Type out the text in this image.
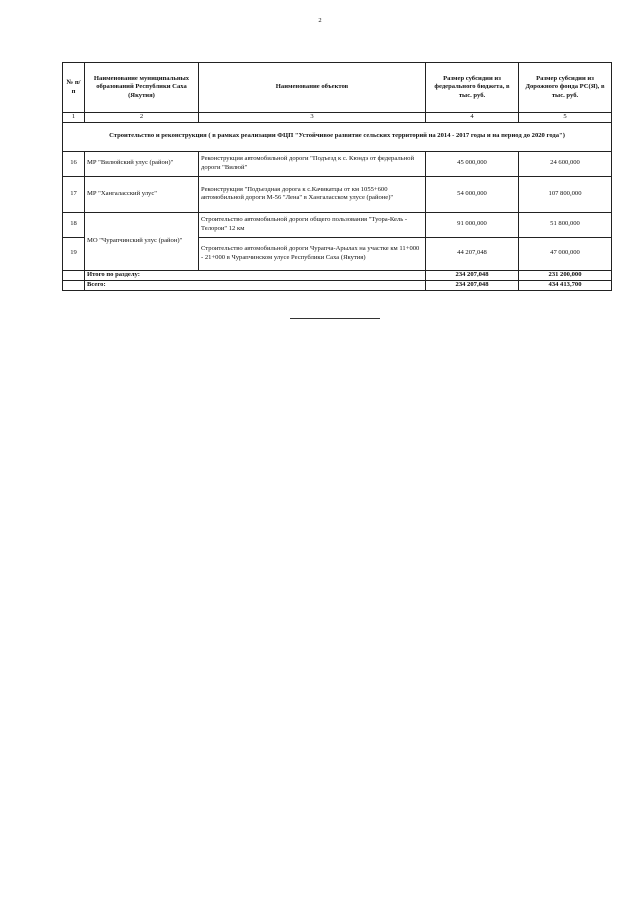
2
№ п/п	Наименование муниципальных образований Республики Саха (Якутия)	Наименование объектов	Размер субсидии из федерального бюджета, в тыс. руб.	Размер субсидии из Дорожного фонда РС(Я), в тыс. руб.
1	2	3	4	5
Строительство и реконструкция ( в рамках реализации ФЦП "Устойчивое развитие сельских территорий на 2014 - 2017 годы и на период до 2020 года")				
16	МР "Вилюйский улус (район)"	Реконструкция автомобильной дороги "Подъезд к с. Кюндэ от федеральной дороги "Вилюй"	45 000,000	24 600,000
17	МР "Хангаласский улус"	Реконструкция "Подъездная дорога к с.Качикатцы от км 1055+600 автомобильной дороги М-56 "Лена" в Хангаласском улусе (районе)"	54 000,000	107 800,000
18	МО "Чурапчинский улус (район)"	Строительство автомобильной дороги общего пользования "Туора-Кель - Телорои" 12 км	91 000,000	51 800,000
19		Строительство автомобильной дороги Чурапча-Арылах на участке км 11+000 - 21+000 в Чурапчинском улусе Республики Саха (Якутия)	44 207,048	47 000,000
	Итого по разделу:		234 207,048	231 200,000
	Всего:		234 207,048	434 413,700
